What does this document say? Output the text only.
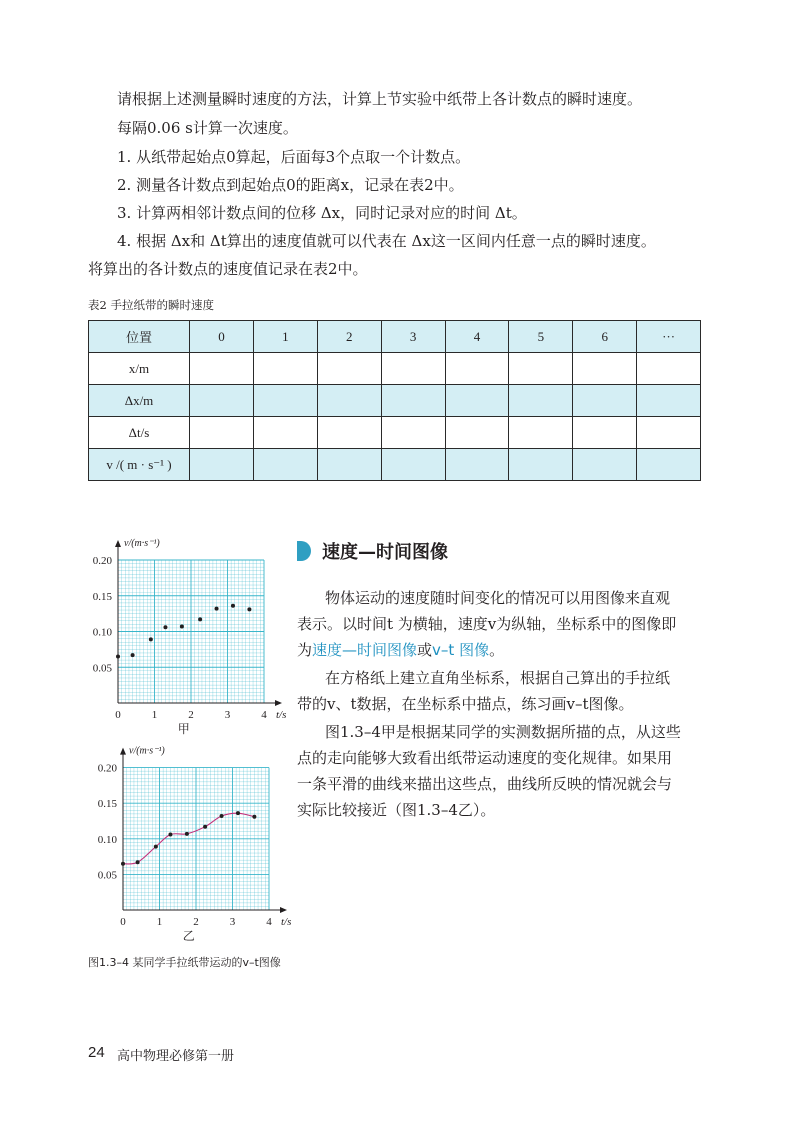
请根据上述测量瞬时速度的方法，计算上节实验中纸带上各计数点的瞬时速度。
每隔0.06 s计算一次速度。
1. 从纸带起始点0算起，后面每3个点取一个计数点。
2. 测量各计数点到起始点0的距离x，记录在表2中。
3. 计算两相邻计数点间的位移 Δx，同时记录对应的时间 Δt。
4. 根据 Δx和 Δt算出的速度值就可以代表在 Δx这一区间内任意一点的瞬时速度。
将算出的各计数点的速度值记录在表2中。
表2 手拉纸带的瞬时速度
位置	0	1	2	3	4	5	6	···
x/m								
Δx/m								
Δt/s								
v /( m · s⁻¹ )								
0.20
0.15
0.10
0.05
0	1	2	3	4 t/s
v/(m·s⁻¹)
甲
0.20
0.15
0.10
0.05
0	1	2	3	4 t/s
v/(m·s⁻¹)
乙
速度—时间图像
物体运动的速度随时间变化的情况可以用图像来直观
表示。以时间t 为横轴，速度v为纵轴，坐标系中的图像即
为速度—时间图像或v–t 图像。
在方格纸上建立直角坐标系，根据自己算出的手拉纸
带的v、t数据，在坐标系中描点，练习画v–t图像。
图1.3–4甲是根据某同学的实测数据所描的点，从这些
点的走向能够大致看出纸带运动速度的变化规律。如果用
一条平滑的曲线来描出这些点，曲线所反映的情况就会与
实际比较接近（图1.3–4乙）。
图1.3–4 某同学手拉纸带运动的v–t图像
24 高中物理必修第一册
